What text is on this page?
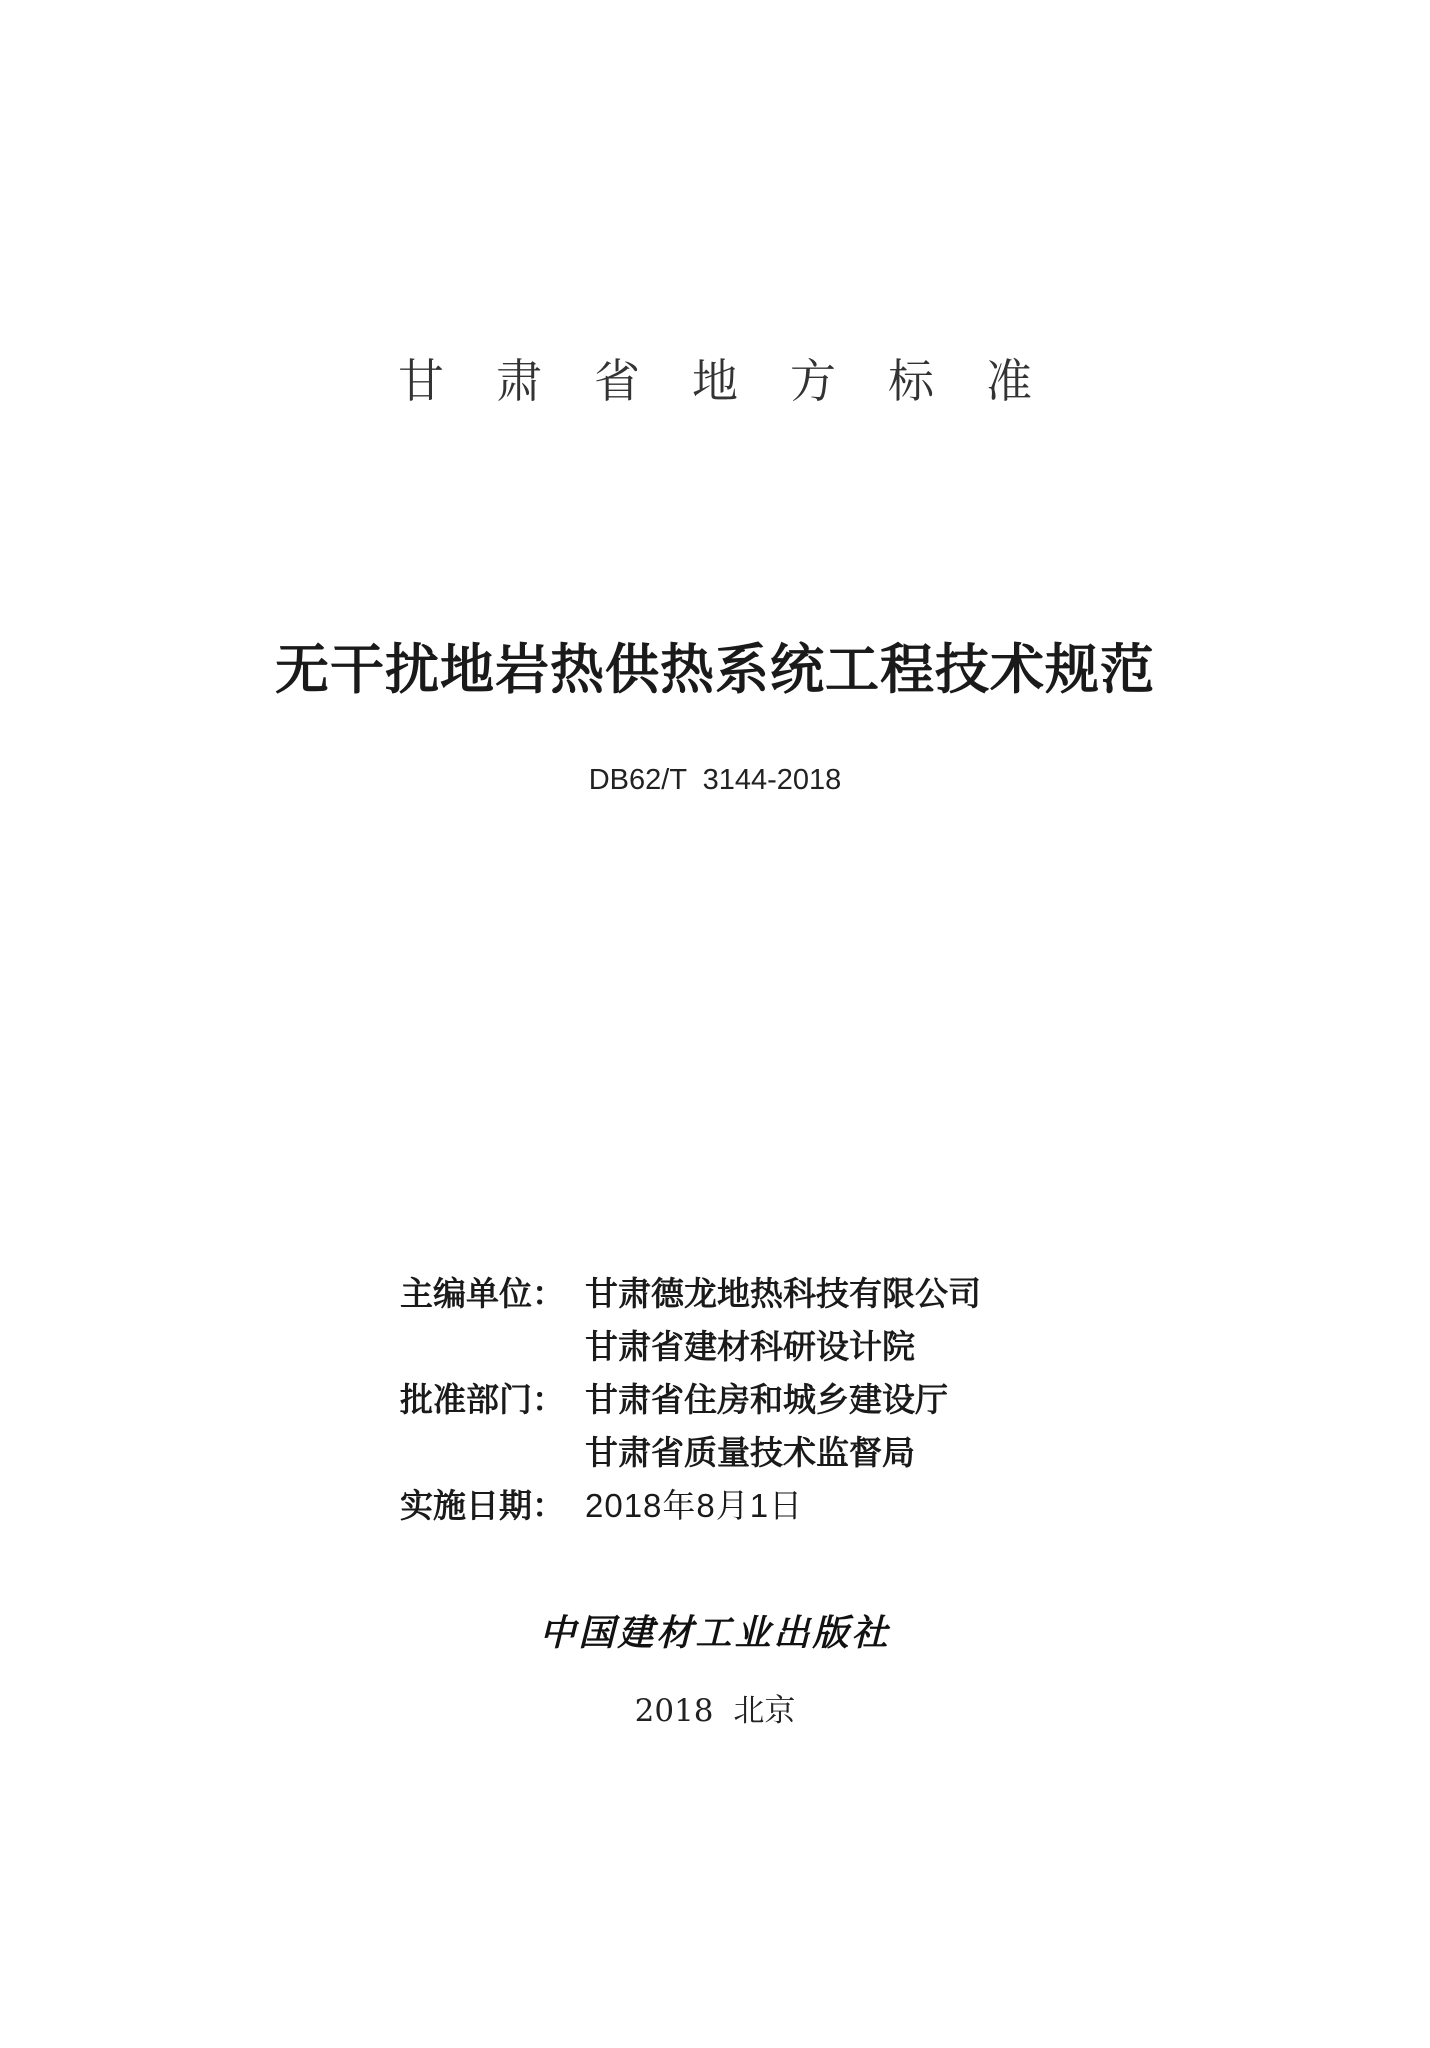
甘肃省地方标准
无干扰地岩热供热系统工程技术规范
DB62/T 3144-2018
主编单位： 甘肃德龙地热科技有限公司
甘肃省建材科研设计院
批准部门： 甘肃省住房和城乡建设厅
甘肃省质量技术监督局
实施日期： 2018年8月1日
中国建材工业出版社
2018 北京
